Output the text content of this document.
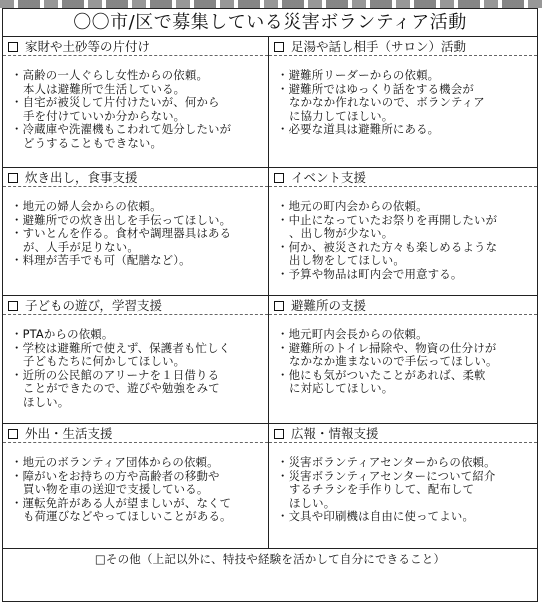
〇〇市/区で募集している災害ボランティア活動
家財や土砂等の片付け
・高齢の一人ぐらし女性からの依頼。
本人は避難所で生活している。
・自宅が被災して片付けたいが、何から
手を付けていいか分からない。
・冷蔵庫や洗濯機もこわれて処分したいが
どうすることもできない。
足湯や話し相手（サロン）活動
・避難所リーダーからの依頼。
・避難所ではゆっくり話をする機会が
なかなか作れないので、ボランティア
に協力してほしい。
・必要な道具は避難所にある。
炊き出し，食事支援
・地元の婦人会からの依頼。
・避難所での炊き出しを手伝ってほしい。
・すいとんを作る。食材や調理器具はある
が、人手が足りない。
・料理が苦手でも可（配膳など）。
イベント支援
・地元の町内会からの依頼。
・中止になっていたお祭りを再開したいが
、出し物が少ない。
・何か、被災された方々も楽しめるような
出し物をしてほしい。
・予算や物品は町内会で用意する。
子どもの遊び，学習支援
・PTAからの依頼。
・学校は避難所で使えず、保護者も忙しく
子どもたちに何かしてほしい。
・近所の公民館のアリーナを１日借りる
ことができたので、遊びや勉強をみて
ほしい。
避難所の支援
・地元町内会長からの依頼。
・避難所のトイレ掃除や、物資の仕分けが
なかなか進まないので手伝ってほしい。
・他にも気がついたことがあれば、柔軟
に対応してほしい。
外出・生活支援
・地元のボランティア団体からの依頼。
・障がいをお持ちの方や高齢者の移動や
買い物を車の送迎で支援している。
・運転免許がある人が望ましいが、なくて
も荷運びなどやってほしいことがある。
広報・情報支援
・災害ボランティアセンターからの依頼。
・災害ボランティアセンターについて紹介
するチラシを手作りして、配布して
ほしい。
・文具や印刷機は自由に使ってよい。
□その他（上記以外に、特技や経験を活かして自分にできること）
